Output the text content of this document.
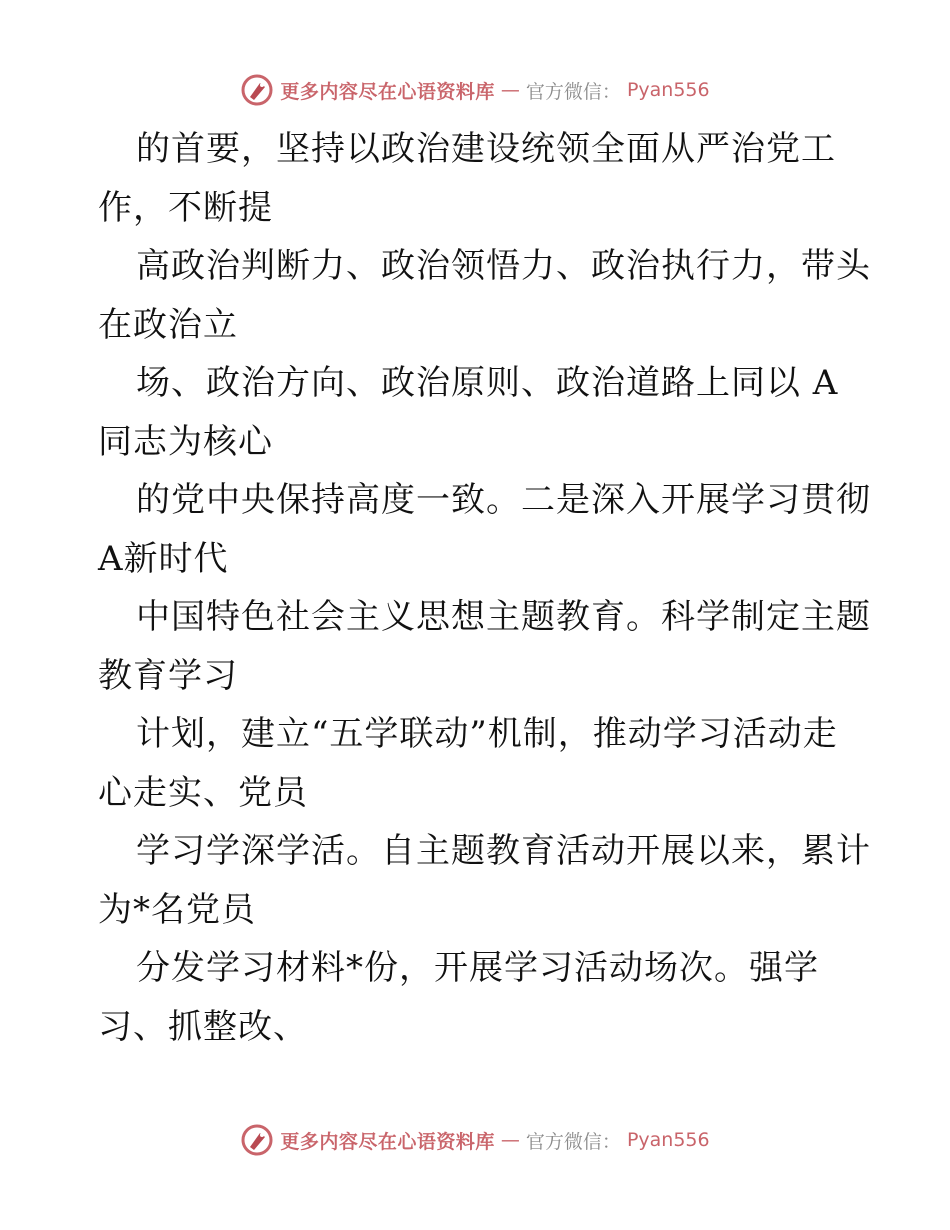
更多内容尽在心语资料库 — 官方微信： Pyan556
的首要，坚持以政治建设统领全面从严治党工
作，不断提
高政治判断力、政治领悟力、政治执行力，带头
在政治立
场、政治方向、政治原则、政治道路上同以 A
同志为核心
的党中央保持高度一致。二是深入开展学习贯彻
A新时代
中国特色社会主义思想主题教育。科学制定主题
教育学习
计划，建立“五学联动”机制，推动学习活动走
心走实、党员
学习学深学活。自主题教育活动开展以来，累计
为*名党员
分发学习材料*份，开展学习活动场次。强学
习、抓整改、
更多内容尽在心语资料库 — 官方微信： Pyan556
